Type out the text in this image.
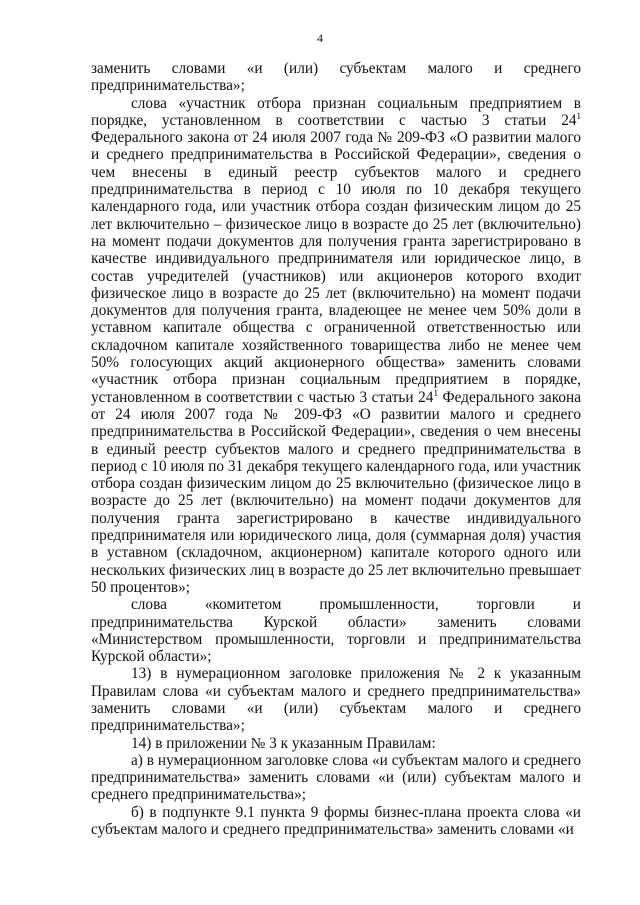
4

заменить словами «и (или) субъектам малого и среднего предпринимательства»;

слова «участник отбора признан социальным предприятием в порядке, установленном в соответствии с частью 3 статьи $24^1$ Федерального закона от 24 июля 2007 года № 209-ФЗ «О развитии малого и среднего предпринимательства в Российской Федерации», сведения о чем внесены в единый реестр субъектов малого и среднего предпринимательства в период с 10 июля по 10 декабря текущего календарного года, или участник отбора создан физическим лицом до 25 лет включительно – физическое лицо в возрасте до 25 лет (включительно) на момент подачи документов для получения гранта зарегистрировано в качестве индивидуального предпринимателя или юридическое лицо, в состав учредителей (участников) или акционеров которого входит физическое лицо в возрасте до 25 лет (включительно) на момент подачи документов для получения гранта, владеющее не менее чем 50% доли в уставном капитале общества с ограниченной ответственностью или складочном капитале хозяйственного товарищества либо не менее чем 50% голосующих акций акционерного общества» заменить словами «участник отбора признан социальным предприятием в порядке, установленном в соответствии с частью 3 статьи $24^1$ Федерального закона от 24 июля 2007 года № 209-ФЗ «О развитии малого и среднего предпринимательства в Российской Федерации», сведения о чем внесены в единый реестр субъектов малого и среднего предпринимательства в период с 10 июля по 31 декабря текущего календарного года, или участник отбора создан физическим лицом до 25 включительно (физическое лицо в возрасте до 25 лет (включительно) на момент подачи документов для получения гранта зарегистрировано в качестве индивидуального предпринимателя или юридического лица, доля (суммарная доля) участия в уставном (складочном, акционерном) капитале которого одного или нескольких физических лиц в возрасте до 25 лет включительно превышает 50 процентов»;

слова «комитетом промышленности, торговли и предпринимательства Курской области» заменить словами «Министерством промышленности, торговли и предпринимательства Курской области»;

13) в нумерационном заголовке приложения № 2 к указанным Правилам слова «и субъектам малого и среднего предпринимательства» заменить словами «и (или) субъектам малого и среднего предпринимательства»;

14) в приложении № 3 к указанным Правилам:

а) в нумерационном заголовке слова «и субъектам малого и среднего предпринимательства» заменить словами «и (или) субъектам малого и среднего предпринимательства»;

б) в подпункте 9.1 пункта 9 формы бизнес-плана проекта слова «и субъектам малого и среднего предпринимательства» заменить словами «и
